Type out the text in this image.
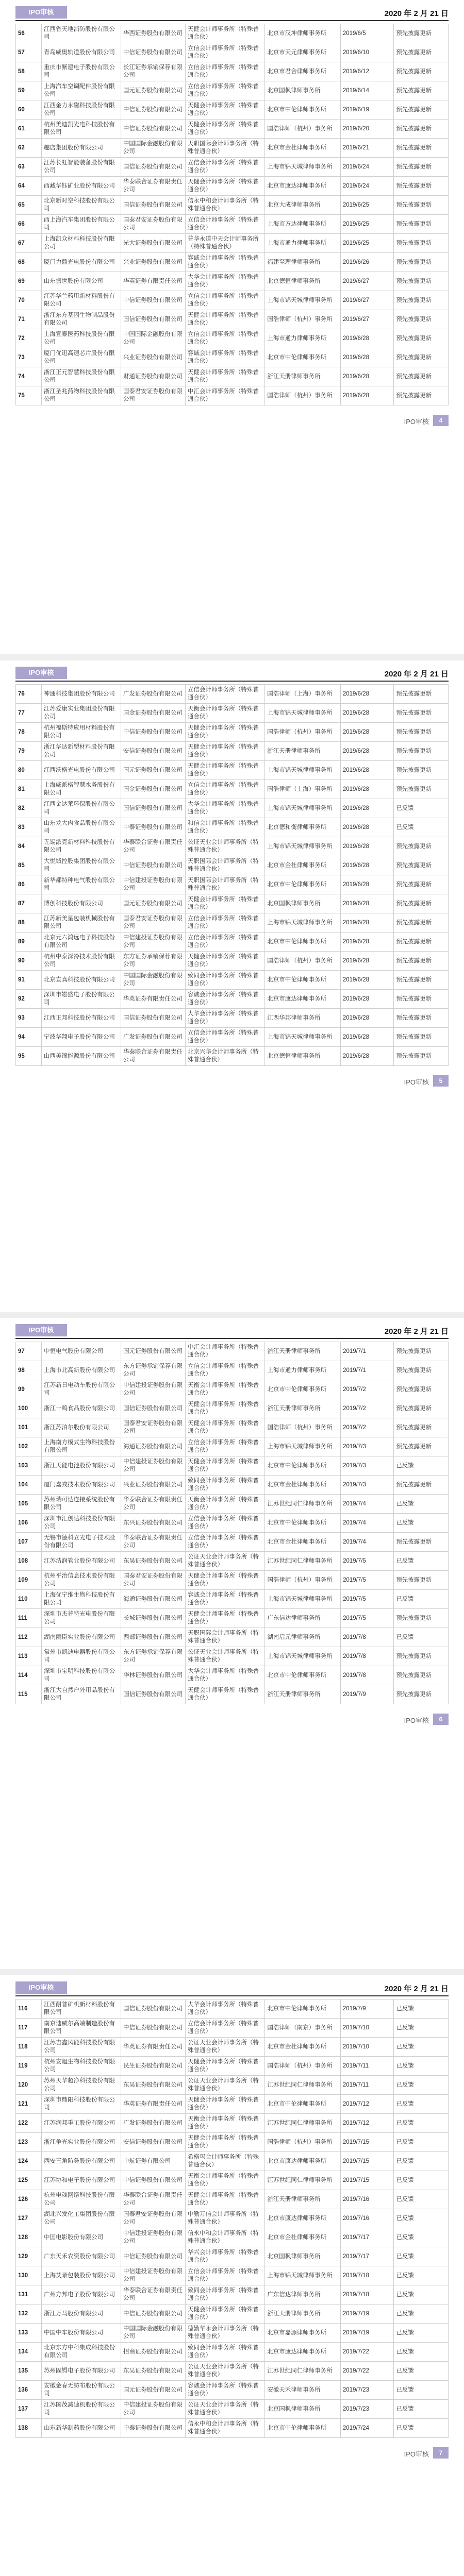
IPO审核	2020 年 2 月 21 日
56	江西省天地消防股份有限公司	华西证券股份有限公司	天健会计师事务所（特殊普通合伙）	北京市汉坤律师事务所	2019/6/5	预先披露更新
57	青岛威奥轨道股份有限公司	中信证券股份有限公司	立信会计师事务所（特殊普通合伙）	北京市天元律师事务所	2019/6/10	预先披露更新
58	重庆市紫建电子股份有限公司	长江证券承销保荐有限公司	立信会计师事务所（特殊普通合伙）	北京市君合律师事务所	2019/6/12	预先披露更新
59	上海汽车空调配件股份有限公司	国元证券股份有限公司	立信会计师事务所（特殊普通合伙）	北京国枫律师事务所	2019/6/14	预先披露更新
60	江西金力永磁科技股份有限公司	中信证券股份有限公司	天健会计师事务所（特殊普通合伙）	北京市中伦律师事务所	2019/6/19	预先披露更新
61	杭州美迪凯光电科技股份有限公司	中信证券股份有限公司	天健会计师事务所（特殊普通合伙）	国浩律师（杭州）事务所	2019/6/20	预先披露更新
62	趣店集团股份有限公司	中国国际金融股份有限公司	天职国际会计师事务所（特殊普通合伙）	北京市金杜律师事务所	2019/6/21	预先披露更新
63	江苏长虹智能装备股份有限公司	国信证券股份有限公司	立信会计师事务所（特殊普通合伙）	上海市锦天城律师事务所	2019/6/24	预先披露更新
64	西藏华钰矿业股份有限公司	华泰联合证券有限责任公司	天健会计师事务所（特殊普通合伙）	北京市康达律师事务所	2019/6/24	预先披露更新
65	北京新时空科技股份有限公司	国信证券股份有限公司	信永中和会计师事务所（特殊普通合伙）	北京大成律师事务所	2019/6/25	预先披露更新
66	西上海汽车集团股份有限公司	国泰君安证券股份有限公司	立信会计师事务所（特殊普通合伙）	上海市方达律师事务所	2019/6/25	预先披露更新
67	上海凯众材料科技股份有限公司	光大证券股份有限公司	普华永道中天会计师事务所（特殊普通合伙）	上海市通力律师事务所	2019/6/25	预先披露更新
68	厦门力鼎光电股份有限公司	兴业证券股份有限公司	容诚会计师事务所（特殊普通合伙）	福建至理律师事务所	2019/6/26	预先披露更新
69	山东振世股份有限公司	华英证券有限责任公司	大华会计师事务所（特殊普通合伙）	北京德恒律师事务所	2019/6/27	预先披露更新
70	江苏华兰药用新材料股份有限公司	中信证券股份有限公司	立信会计师事务所（特殊普通合伙）	上海市锦天城律师事务所	2019/6/27	预先披露更新
71	浙江东方基因生物制品股份有限公司	国信证券股份有限公司	天健会计师事务所（特殊普通合伙）	国浩律师（杭州）事务所	2019/6/27	预先披露更新
72	上海宣泰医药科技股份有限公司	中国国际金融股份有限公司	立信会计师事务所（特殊普通合伙）	上海市通力律师事务所	2019/6/28	预先披露更新
73	厦门优迅高速芯片股份有限公司	兴业证券股份有限公司	容诚会计师事务所（特殊普通合伙）	北京市中伦律师事务所	2019/6/28	预先披露更新
74	浙江正元智慧科技股份有限公司	财通证券股份有限公司	天健会计师事务所（特殊普通合伙）	浙江天册律师事务所	2019/6/28	预先披露更新
75	浙江圣兆药物科技股份有限公司	国泰君安证券股份有限公司	中汇会计师事务所（特殊普通合伙）	国浩律师（杭州）事务所	2019/6/28	预先披露更新
IPO审核	4
IPO审核	2020 年 2 月 21 日
76	神通科技集团股份有限公司	广发证券股份有限公司	立信会计师事务所（特殊普通合伙）	国浩律师（上海）事务所	2019/6/28	预先披露更新
77	江苏爱康实业集团股份有限公司	国金证券股份有限公司	天衡会计师事务所（特殊普通合伙）	上海市锦天城律师事务所	2019/6/28	预先披露更新
78	杭州福斯特应用材料股份有限公司	中信证券股份有限公司	天健会计师事务所（特殊普通合伙）	国浩律师（杭州）事务所	2019/6/28	预先披露更新
79	浙江华达新型材料股份有限公司	安信证券股份有限公司	天健会计师事务所（特殊普通合伙）	浙江天册律师事务所	2019/6/28	预先披露更新
80	江西沃格光电股份有限公司	国元证券股份有限公司	天健会计师事务所（特殊普通合伙）	上海市锦天城律师事务所	2019/6/28	预先披露更新
81	上海威派格智慧水务股份有限公司	国金证券股份有限公司	立信会计师事务所（特殊普通合伙）	国浩律师（上海）事务所	2019/6/28	预先披露更新
82	江西金达莱环保股份有限公司	国信证券股份有限公司	大华会计师事务所（特殊普通合伙）	上海市锦天城律师事务所	2019/6/28	已反馈
83	山东龙大肉食品股份有限公司	中泰证券股份有限公司	和信会计师事务所（特殊普通合伙）	北京德和衡律师事务所	2019/6/28	已反馈
84	无锡派克新材料科技股份有限公司	华泰联合证券有限责任公司	公证天业会计师事务所（特殊普通合伙）	上海市锦天城律师事务所	2019/6/28	预先披露更新
85	大悦城控股集团股份有限公司	中信证券股份有限公司	天职国际会计师事务所（特殊普通合伙）	北京市金杜律师事务所	2019/6/28	预先披露更新
86	新华都特种电气股份有限公司	中信建投证券股份有限公司	天职国际会计师事务所（特殊普通合伙）	北京市中伦律师事务所	2019/6/28	预先披露更新
87	博创科技股份有限公司	国元证券股份有限公司	天健会计师事务所（特殊普通合伙）	北京国枫律师事务所	2019/6/28	预先披露更新
88	江苏新美星包装机械股份有限公司	国泰君安证券股份有限公司	立信会计师事务所（特殊普通合伙）	上海市锦天城律师事务所	2019/6/28	预先披露更新
89	北京元六鸿远电子科技股份有限公司	中信建投证券股份有限公司	立信会计师事务所（特殊普通合伙）	北京市中伦律师事务所	2019/6/28	预先披露更新
90	杭州中泰深冷技术股份有限公司	东方证券承销保荐有限公司	天健会计师事务所（特殊普通合伙）	国浩律师（杭州）事务所	2019/6/28	预先披露更新
91	北京直真科技股份有限公司	中国国际金融股份有限公司	致同会计师事务所（特殊普通合伙）	北京市中伦律师事务所	2019/6/28	预先披露更新
92	深圳市崧盛电子股份有限公司	华英证券有限责任公司	容诚会计师事务所（特殊普通合伙）	北京市康达律师事务所	2019/6/28	预先披露更新
93	江西正邦科技股份有限公司	国信证券股份有限公司	大华会计师事务所（特殊普通合伙）	江西华邦律师事务所	2019/6/28	预先披露更新
94	宁波华翔电子股份有限公司	广发证券股份有限公司	立信会计师事务所（特殊普通合伙）	上海市锦天城律师事务所	2019/6/28	预先披露更新
95	山西美锦能源股份有限公司	华泰联合证券有限责任公司	北京兴华会计师事务所（特殊普通合伙）	北京德恒律师事务所	2019/6/28	预先披露更新
IPO审核	5
IPO审核	2020 年 2 月 21 日
97	中恒电气股份有限公司	国元证券股份有限公司	中汇会计师事务所（特殊普通合伙）	浙江天册律师事务所	2019/7/1	预先披露更新
98	上海市北高新股份有限公司	东方证券承销保荐有限公司	立信会计师事务所（特殊普通合伙）	上海市通力律师事务所	2019/7/1	预先披露更新
99	江苏新日电动车股份有限公司	中信建投证券股份有限公司	天衡会计师事务所（特殊普通合伙）	北京市中伦律师事务所	2019/7/2	预先披露更新
100	浙江一鸣食品股份有限公司	国信证券股份有限公司	天健会计师事务所（特殊普通合伙）	浙江天册律师事务所	2019/7/2	预先披露更新
101	浙江苏泊尔股份有限公司	国泰君安证券股份有限公司	天健会计师事务所（特殊普通合伙）	国浩律师（杭州）事务所	2019/7/2	预先披露更新
102	上海南方模式生物科技股份有限公司	海通证券股份有限公司	立信会计师事务所（特殊普通合伙）	上海市锦天城律师事务所	2019/7/3	预先披露更新
103	浙江天能电池股份有限公司	中信建投证券股份有限公司	天健会计师事务所（特殊普通合伙）	北京市中伦律师事务所	2019/7/3	已反馈
104	厦门嘉戎技术股份有限公司	兴业证券股份有限公司	致同会计师事务所（特殊普通合伙）	北京市金杜律师事务所	2019/7/3	预先披露更新
105	苏州瑞可达连接系统股份有限公司	华泰联合证券有限责任公司	天衡会计师事务所（特殊普通合伙）	江苏世纪同仁律师事务所	2019/7/4	已反馈
106	深圳市汇创达科技股份有限公司	东兴证券股份有限公司	立信会计师事务所（特殊普通合伙）	北京市中伦律师事务所	2019/7/4	已反馈
107	无锡市德科立光电子技术股份有限公司	华泰联合证券有限责任公司	立信会计师事务所（特殊普通合伙）	北京市金杜律师事务所	2019/7/4	预先披露更新
108	江苏洁润管业股份有限公司	东吴证券股份有限公司	公证天业会计师事务所（特殊普通合伙）	江苏世纪同仁律师事务所	2019/7/5	已反馈
109	杭州平治信息技术股份有限公司	国泰君安证券股份有限公司	天健会计师事务所（特殊普通合伙）	国浩律师（杭州）事务所	2019/7/5	预先披露更新
110	上海优宁维生物科技股份有限公司	海通证券股份有限公司	容诚会计师事务所（特殊普通合伙）	上海市锦天城律师事务所	2019/7/5	已反馈
111	深圳市杰普特光电股份有限公司	长城证券股份有限公司	天健会计师事务所（特殊普通合伙）	广东信达律师事务所	2019/7/5	预先披露更新
112	湖南丽臣实业股份有限公司	西部证券股份有限公司	天职国际会计师事务所（特殊普通合伙）	湖南启元律师事务所	2019/7/8	已反馈
113	常州市凯迪电器股份有限公司	东方证券承销保荐有限公司	公证天业会计师事务所（特殊普通合伙）	上海市锦天城律师事务所	2019/7/8	预先披露更新
114	深圳市宝明科技股份有限公司	华林证券股份有限公司	大华会计师事务所（特殊普通合伙）	北京市中伦律师事务所	2019/7/8	预先披露更新
115	浙江大自然户外用品股份有限公司	国信证券股份有限公司	天健会计师事务所（特殊普通合伙）	浙江天册律师事务所	2019/7/9	预先披露更新
IPO审核	6
IPO审核	2020 年 2 月 21 日
116	江西耐普矿机新材料股份有限公司	国信证券股份有限公司	大华会计师事务所（特殊普通合伙）	北京市中伦律师事务所	2019/7/9	已反馈
117	南京迪威尔高端制造股份有限公司	中信证券股份有限公司	立信会计师事务所（特殊普通合伙）	国浩律师（南京）事务所	2019/7/10	已反馈
118	江苏吉鑫风能科技股份有限公司	华英证券有限责任公司	公证天业会计师事务所（特殊普通合伙）	北京市金杜律师事务所	2019/7/10	已反馈
119	杭州安旭生物科技股份有限公司	民生证券股份有限公司	天健会计师事务所（特殊普通合伙）	国浩律师（杭州）事务所	2019/7/11	已反馈
120	苏州天华超净科技股份有限公司	东吴证券股份有限公司	公证天业会计师事务所（特殊普通合伙）	江苏世纪同仁律师事务所	2019/7/11	已反馈
121	深圳市鼎阳科技股份有限公司	华英证券有限责任公司	天健会计师事务所（特殊普通合伙）	北京市中伦律师事务所	2019/7/12	已反馈
122	江苏润邦重工股份有限公司	广发证券股份有限公司	天衡会计师事务所（特殊普通合伙）	江苏世纪同仁律师事务所	2019/7/12	已反馈
123	浙江争光实业股份有限公司	安信证券股份有限公司	天健会计师事务所（特殊普通合伙）	国浩律师（杭州）事务所	2019/7/15	已反馈
124	西安三角防务股份有限公司	中航证券有限公司	希格玛会计师事务所（特殊普通合伙）	北京市康达律师事务所	2019/7/15	已反馈
125	江苏协和电子股份有限公司	中信证券股份有限公司	天衡会计师事务所（特殊普通合伙）	江苏世纪同仁律师事务所	2019/7/15	已反馈
126	杭州电魂网络科技股份有限公司	华泰联合证券有限责任公司	天健会计师事务所（特殊普通合伙）	浙江天册律师事务所	2019/7/16	已反馈
127	湖北兴发化工集团股份有限公司	国泰君安证券股份有限公司	中勤万信会计师事务所（特殊普通合伙）	北京市康达律师事务所	2019/7/16	已反馈
128	中国电影股份有限公司	中信建投证券股份有限公司	信永中和会计师事务所（特殊普通合伙）	北京市金杜律师事务所	2019/7/17	已反馈
129	广东天禾农资股份有限公司	中信证券股份有限公司	华兴会计师事务所（特殊普通合伙）	北京国枫律师事务所	2019/7/17	已反馈
130	上海艾录包装股份有限公司	中信建投证券股份有限公司	立信会计师事务所（特殊普通合伙）	上海市锦天城律师事务所	2019/7/18	已反馈
131	广州方邦电子股份有限公司	华泰联合证券有限责任公司	致同会计师事务所（特殊普通合伙）	广东信达律师事务所	2019/7/18	已反馈
132	浙江万马股份有限公司	中信证券股份有限公司	天健会计师事务所（特殊普通合伙）	浙江天册律师事务所	2019/7/19	已反馈
133	中国中车股份有限公司	中国国际金融股份有限公司	德勤华永会计师事务所（特殊普通合伙）	北京市嘉源律师事务所	2019/7/19	已反馈
134	北京东方中科集成科技股份有限公司	招商证券股份有限公司	致同会计师事务所（特殊普通合伙）	北京市康达律师事务所	2019/7/22	已反馈
135	苏州固锝电子股份有限公司	东吴证券股份有限公司	公证天业会计师事务所（特殊普通合伙）	江苏世纪同仁律师事务所	2019/7/22	已反馈
136	安徽金春无纺布股份有限公司	国元证券股份有限公司	容诚会计师事务所（特殊普通合伙）	安徽天禾律师事务所	2019/7/23	已反馈
137	江苏国茂减速机股份有限公司	中信建投证券股份有限公司	公证天业会计师事务所（特殊普通合伙）	北京国枫律师事务所	2019/7/23	已反馈
138	山东新华制药股份有限公司	中泰证券股份有限公司	信永中和会计师事务所（特殊普通合伙）	北京市中伦律师事务所	2019/7/24	已反馈
IPO审核	7
